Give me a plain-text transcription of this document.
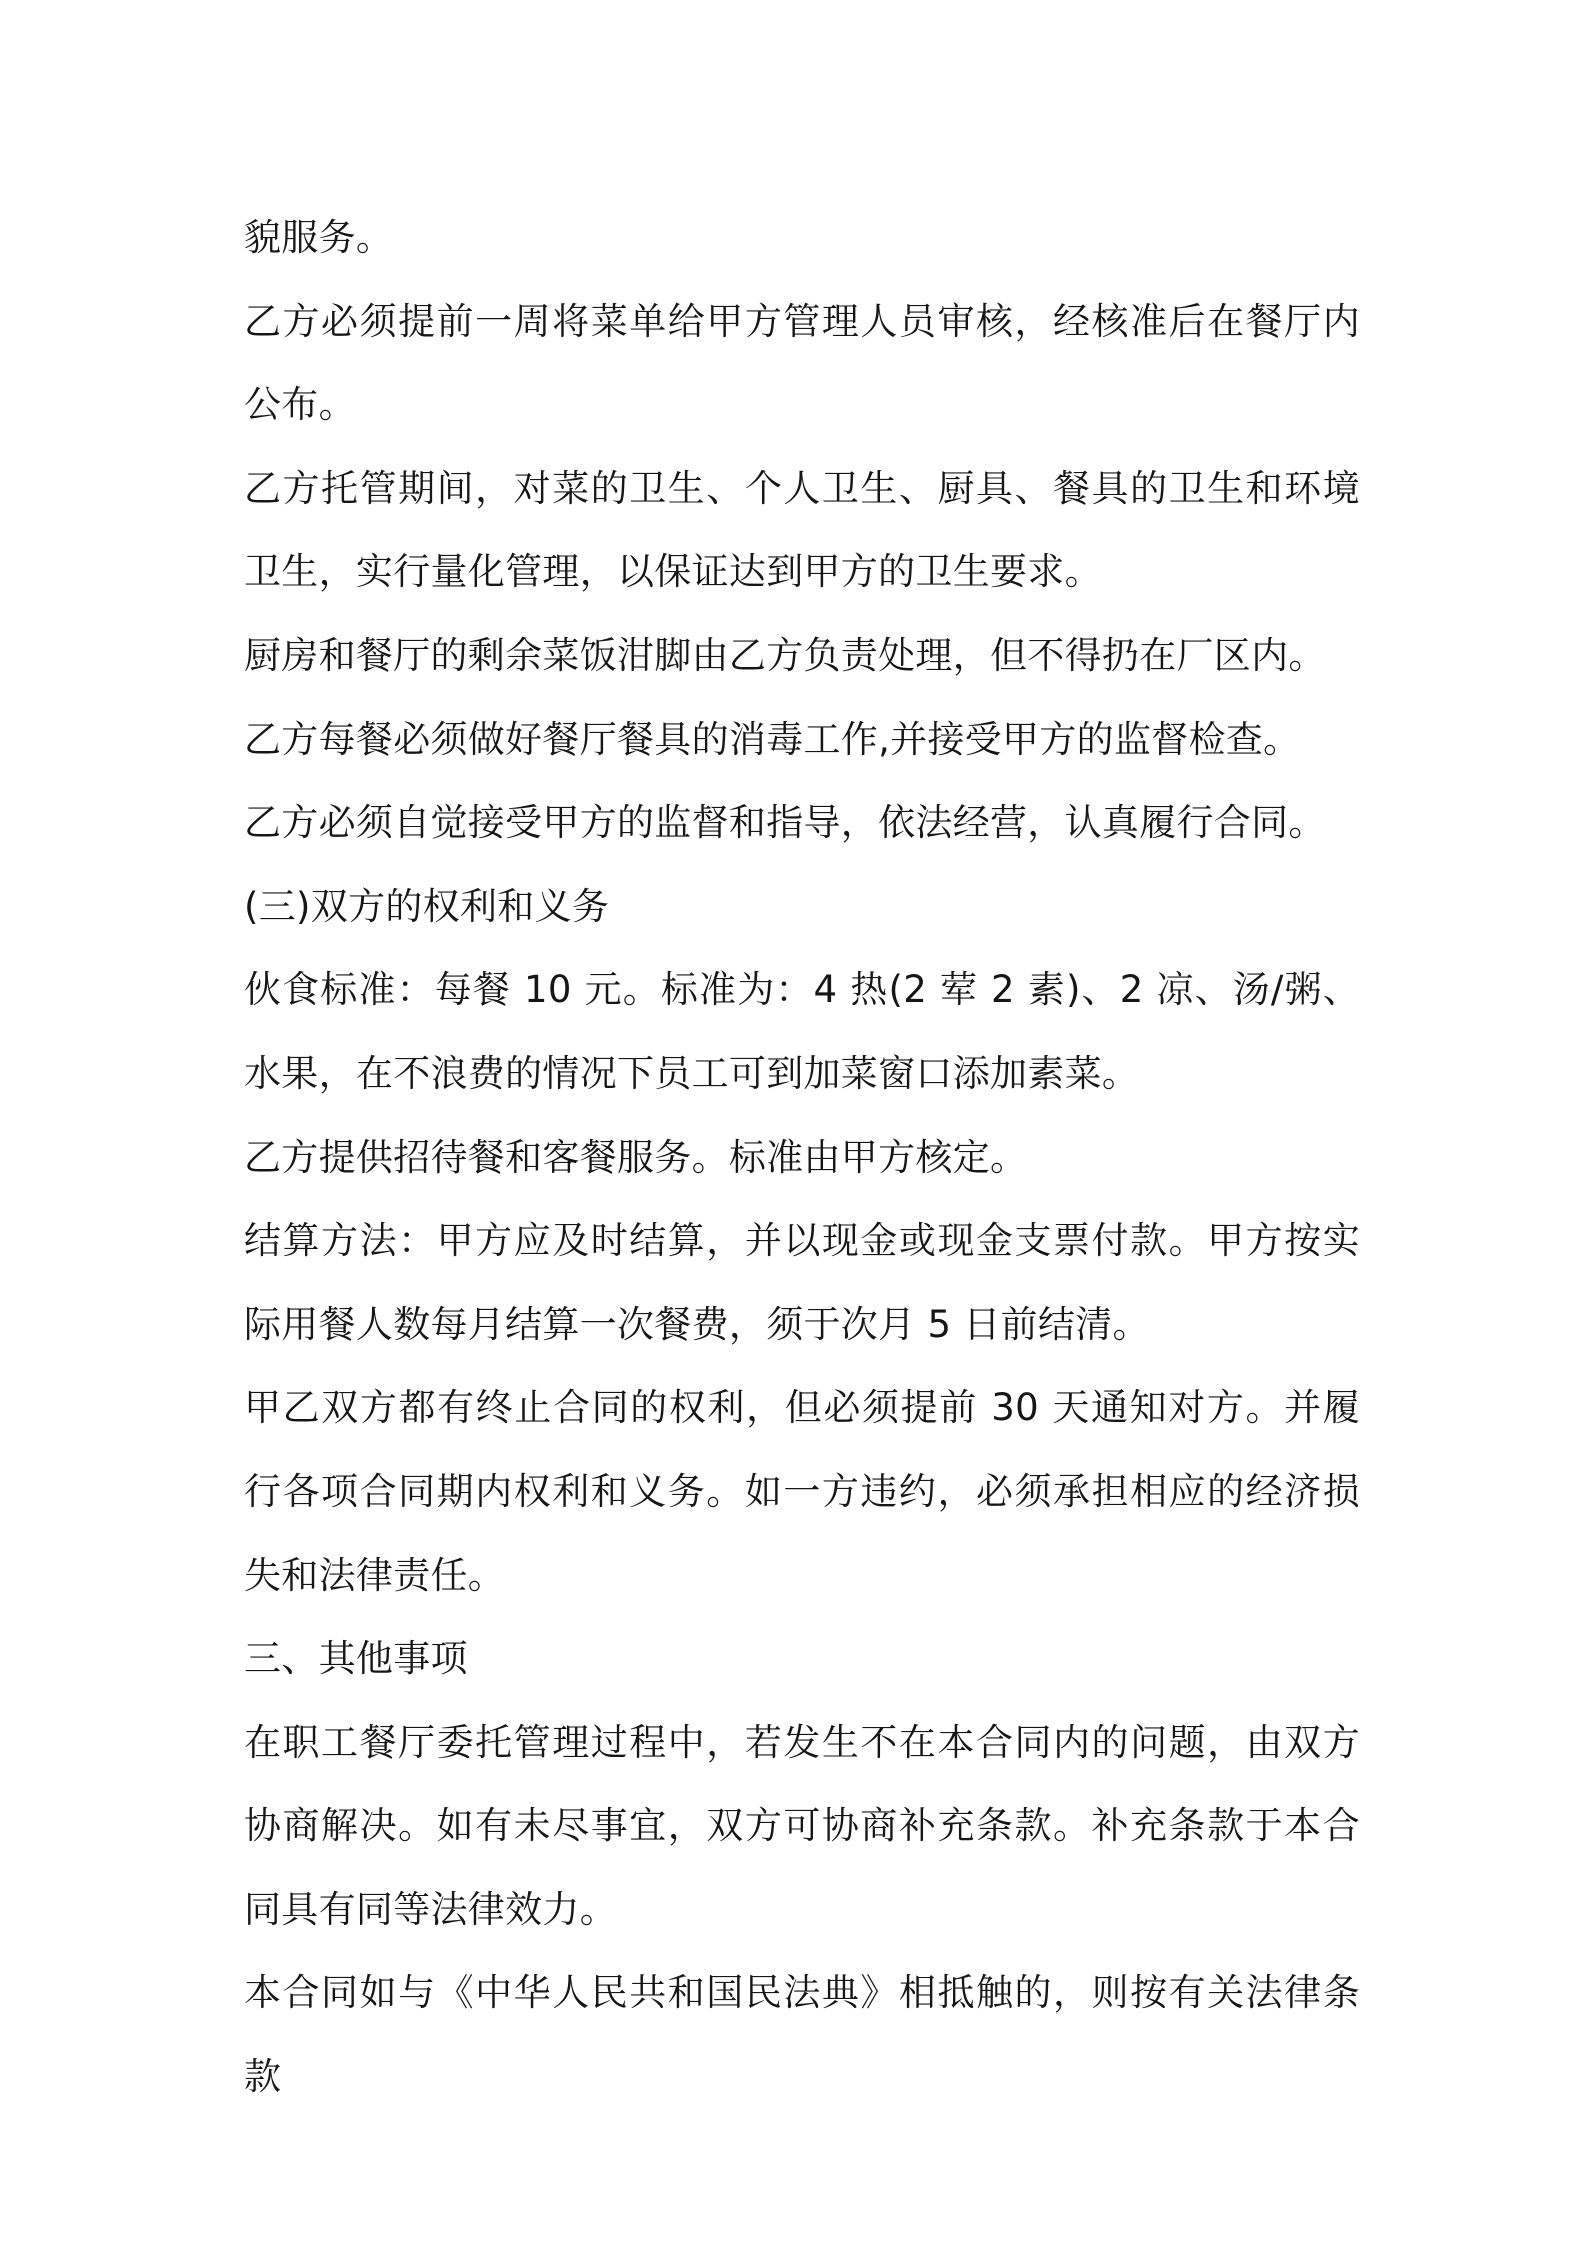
貌服务。

乙方必须提前一周将菜单给甲方管理人员审核，经核准后在餐厅内公布。

乙方托管期间，对菜的卫生、个人卫生、厨具、餐具的卫生和环境卫生，实行量化管理，以保证达到甲方的卫生要求。

厨房和餐厅的剩余菜饭泔脚由乙方负责处理，但不得扔在厂区内。

乙方每餐必须做好餐厅餐具的消毒工作,并接受甲方的监督检查。

乙方必须自觉接受甲方的监督和指导，依法经营，认真履行合同。

(三)双方的权利和义务

伙食标准：每餐 10 元。标准为：4 热(2 荤 2 素)、2 凉、汤/粥、水果，在不浪费的情况下员工可到加菜窗口添加素菜。

乙方提供招待餐和客餐服务。标准由甲方核定。

结算方法：甲方应及时结算，并以现金或现金支票付款。甲方按实际用餐人数每月结算一次餐费，须于次月 5 日前结清。

甲乙双方都有终止合同的权利，但必须提前 30 天通知对方。并履行各项合同期内权利和义务。如一方违约，必须承担相应的经济损失和法律责任。

三、其他事项

在职工餐厅委托管理过程中，若发生不在本合同内的问题，由双方协商解决。如有未尽事宜，双方可协商补充条款。补充条款于本合同具有同等法律效力。

本合同如与《中华人民共和国民法典》相抵触的，则按有关法律条款
